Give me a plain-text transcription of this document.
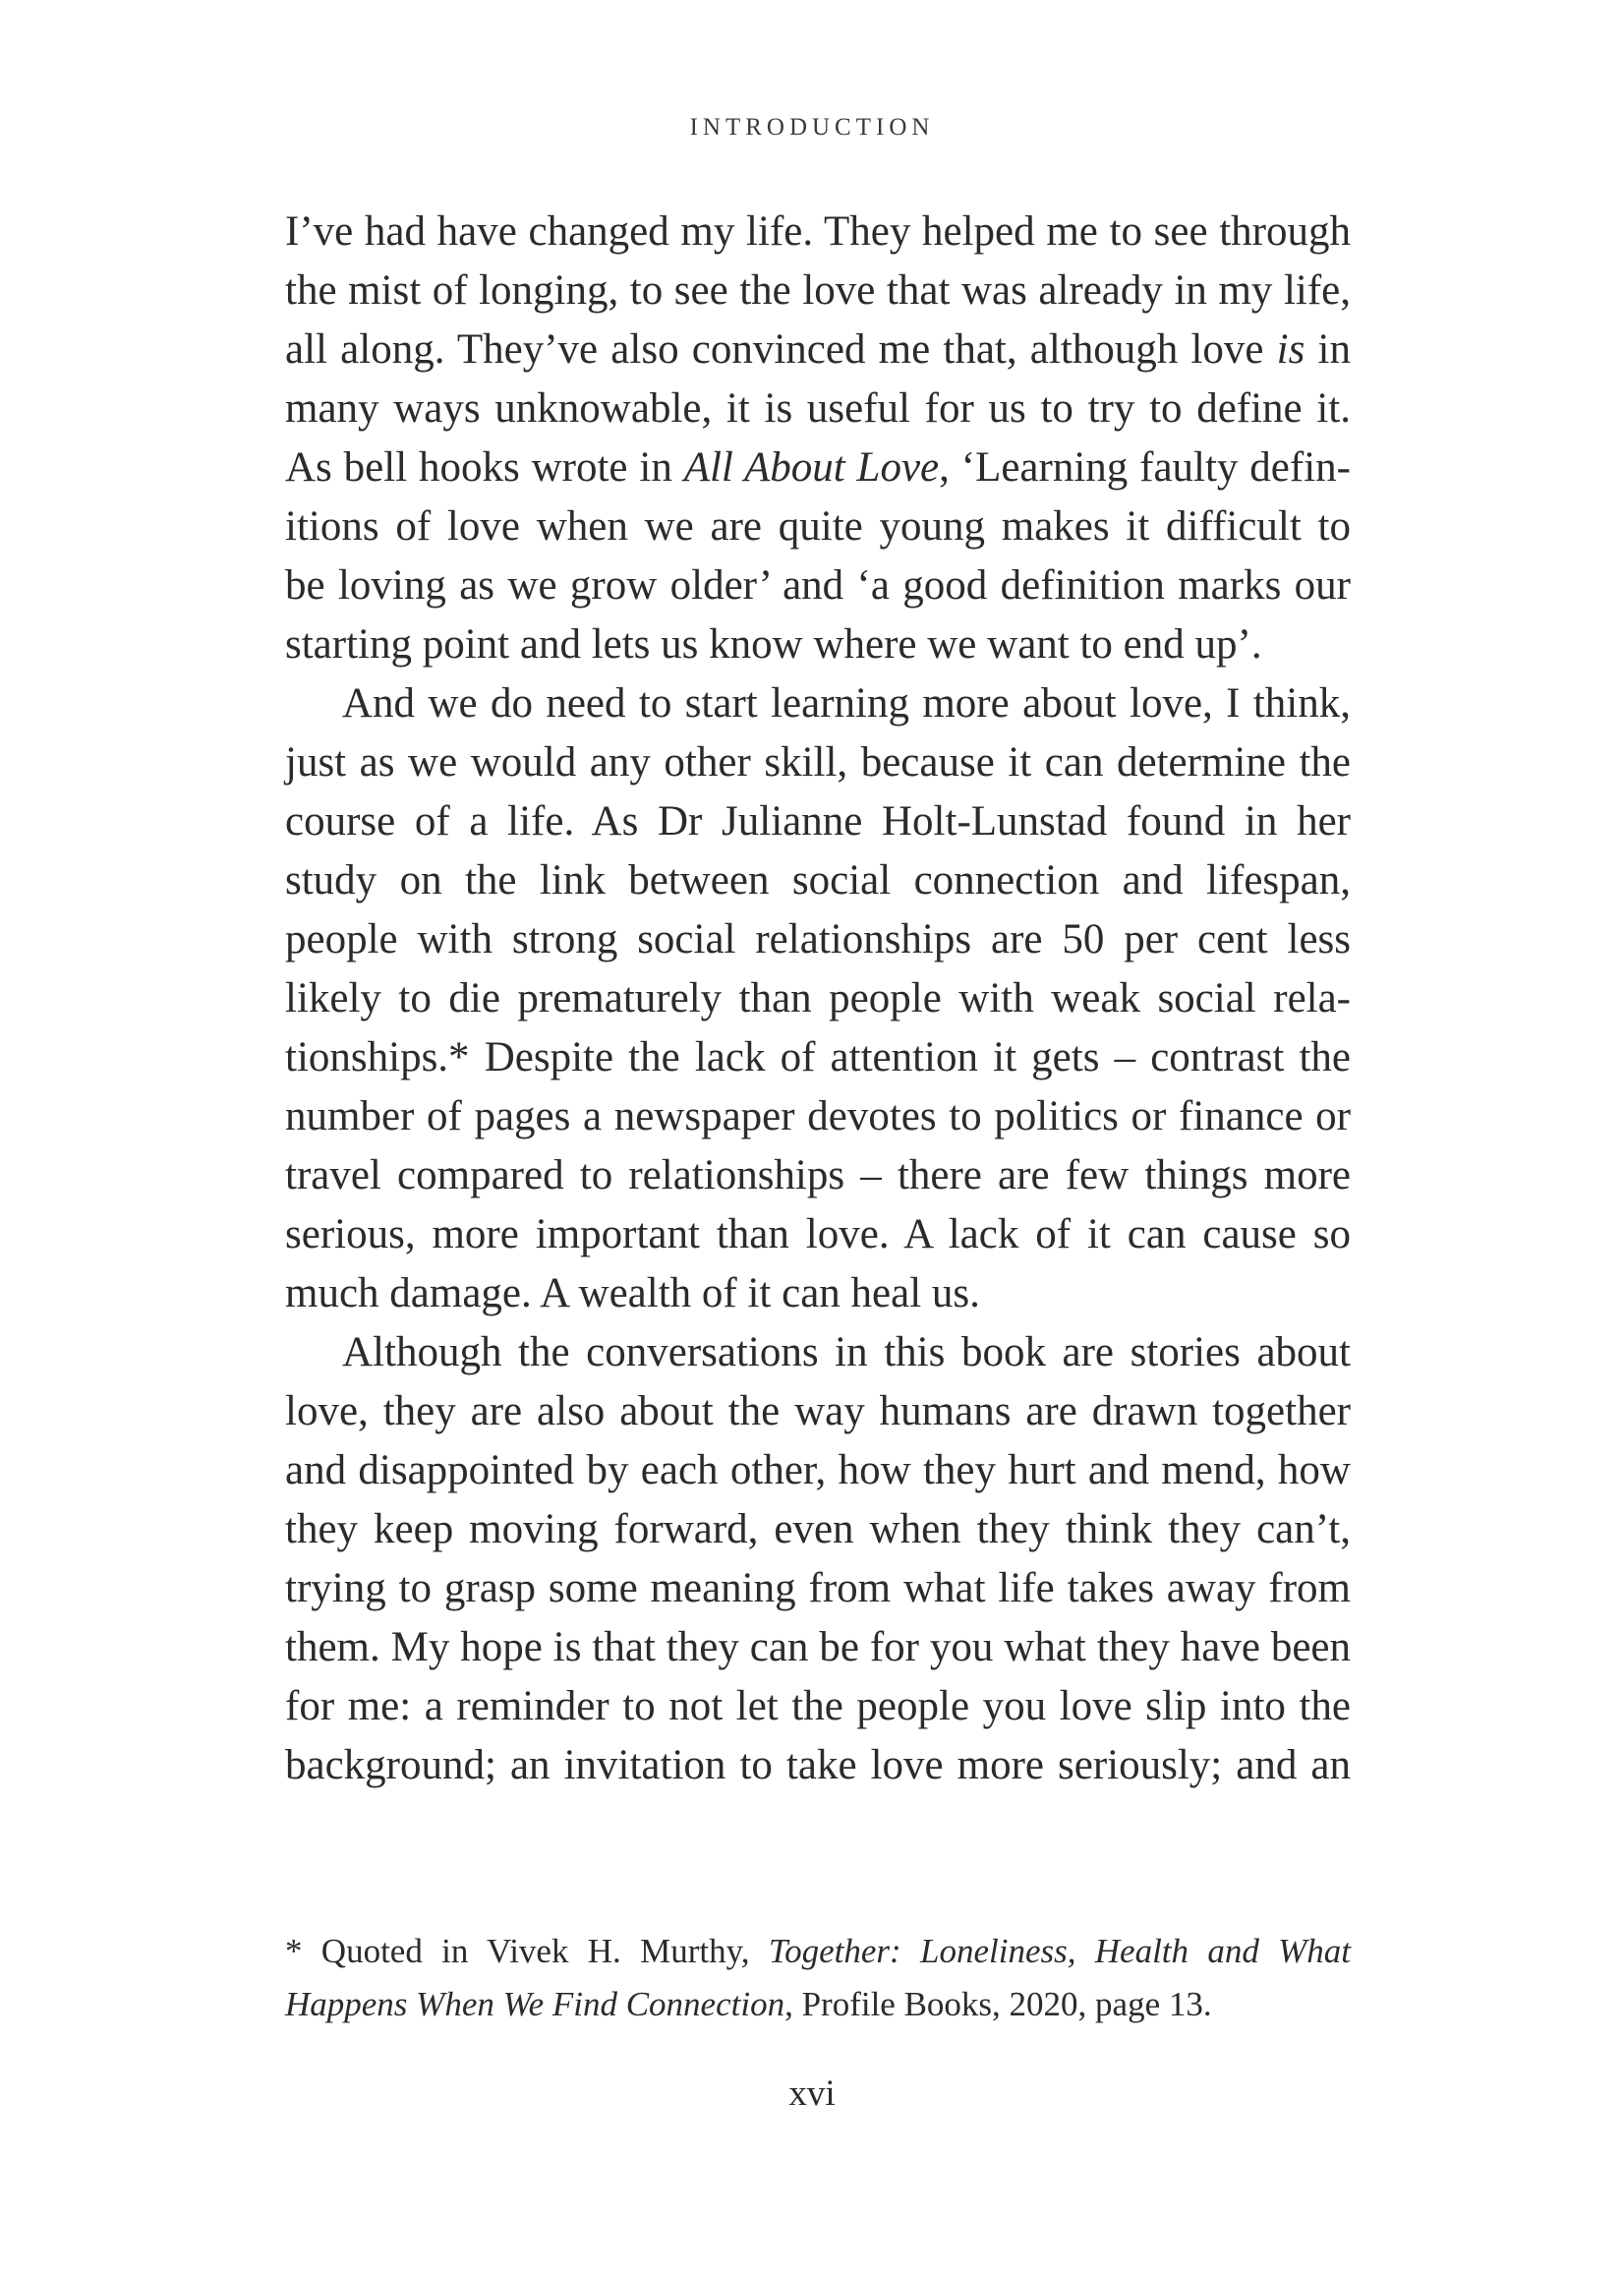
INTRODUCTION
I’ve had have changed my life. They helped me to see through
the mist of longing, to see the love that was already in my life,
all along. They’ve also convinced me that, although love is in
many ways unknowable, it is useful for us to try to define it.
As bell hooks wrote in All About Love, ‘Learning faulty defin-
itions of love when we are quite young makes it difficult to
be loving as we grow older’ and ‘a good definition marks our
starting point and lets us know where we want to end up’.
And we do need to start learning more about love, I think,
just as we would any other skill, because it can determine the
course of a life. As Dr Julianne Holt-Lunstad found in her
study on the link between social connection and lifespan,
people with strong social relationships are 50 per cent less
likely to die prematurely than people with weak social rela-
tionships.* Despite the lack of attention it gets – contrast the
number of pages a newspaper devotes to politics or finance or
travel compared to relationships – there are few things more
serious, more important than love. A lack of it can cause so
much damage. A wealth of it can heal us.
Although the conversations in this book are stories about
love, they are also about the way humans are drawn together
and disappointed by each other, how they hurt and mend, how
they keep moving forward, even when they think they can’t,
trying to grasp some meaning from what life takes away from
them. My hope is that they can be for you what they have been
for me: a reminder to not let the people you love slip into the
background; an invitation to take love more seriously; and an
* Quoted in Vivek H. Murthy, Together: Loneliness, Health and What
Happens When We Find Connection, Profile Books, 2020, page 13.
xvi
